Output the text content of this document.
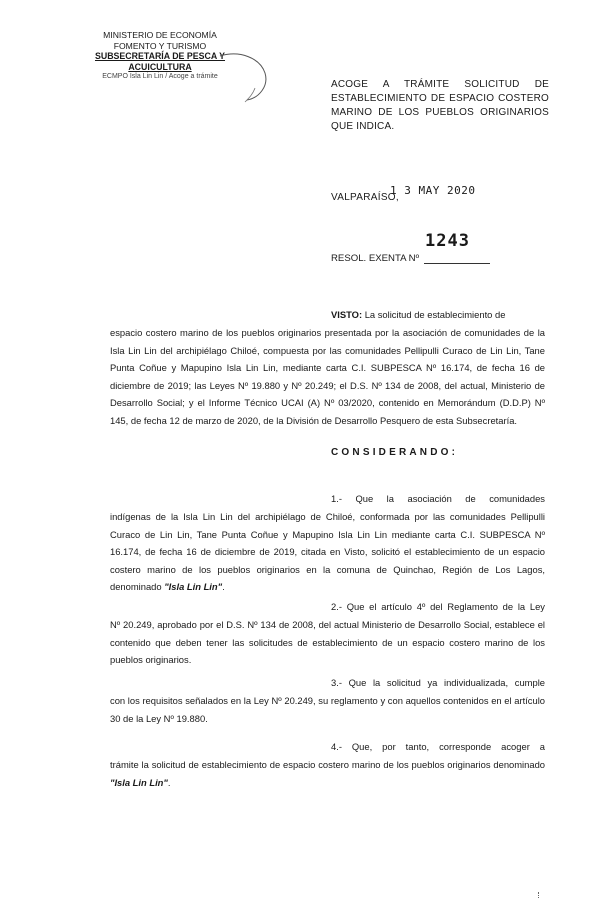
MINISTERIO DE ECONOMÍA
FOMENTO Y TURISMO
SUBSECRETARÍA DE PESCA Y ACUICULTURA
ECMPO Isla Lin Lin / Acoge a trámite
ACOGE A TRÁMITE SOLICITUD DE ESTABLECIMIENTO DE ESPACIO COSTERO MARINO DE LOS PUEBLOS ORIGINARIOS QUE INDICA.
VALPARAÍSO,
1 3 MAY 2020
1243
RESOL. EXENTA Nº
VISTO: La solicitud de establecimiento de
espacio costero marino de los pueblos originarios presentada por la asociación de comunidades de la Isla Lin Lin del archipiélago Chiloé, compuesta por las comunidades Pellipulli Curaco de Lin Lin, Tane Punta Coñue y Mapupino Isla Lin Lin, mediante carta C.I. SUBPESCA Nº 16.174, de fecha 16 de diciembre de 2019; las Leyes Nº 19.880 y Nº 20.249; el D.S. Nº 134 de 2008, del actual, Ministerio de Desarrollo Social; y el Informe Técnico UCAI (A) Nº 03/2020, contenido en Memorándum (D.D.P) Nº 145, de fecha 12 de marzo de 2020, de la División de Desarrollo Pesquero de esta Subsecretaría.
CONSIDERANDO:
1.- Que la asociación de comunidades
indígenas de la Isla Lin Lin del archipiélago de Chiloé, conformada por las comunidades Pellipulli Curaco de Lin Lin, Tane Punta Coñue y Mapupino Isla Lin Lin mediante carta C.I. SUBPESCA Nº 16.174, de fecha 16 de diciembre de 2019, citada en Visto, solicitó el establecimiento de un espacio costero marino de los pueblos originarios en la comuna de Quinchao, Región de Los Lagos, denominado "Isla Lin Lin".
2.- Que el artículo 4º del Reglamento de la Ley
Nº 20.249, aprobado por el D.S. Nº 134 de 2008, del actual Ministerio de Desarrollo Social, establece el contenido que deben tener las solicitudes de establecimiento de un espacio costero marino de los pueblos originarios.
3.- Que la solicitud ya individualizada, cumple
con los requisitos señalados en la Ley Nº 20.249, su reglamento y con aquellos contenidos en el artículo 30 de la Ley Nº 19.880.
4.- Que, por tanto, corresponde acoger a
trámite la solicitud de establecimiento de espacio costero marino de los pueblos originarios denominado "Isla Lin Lin".
